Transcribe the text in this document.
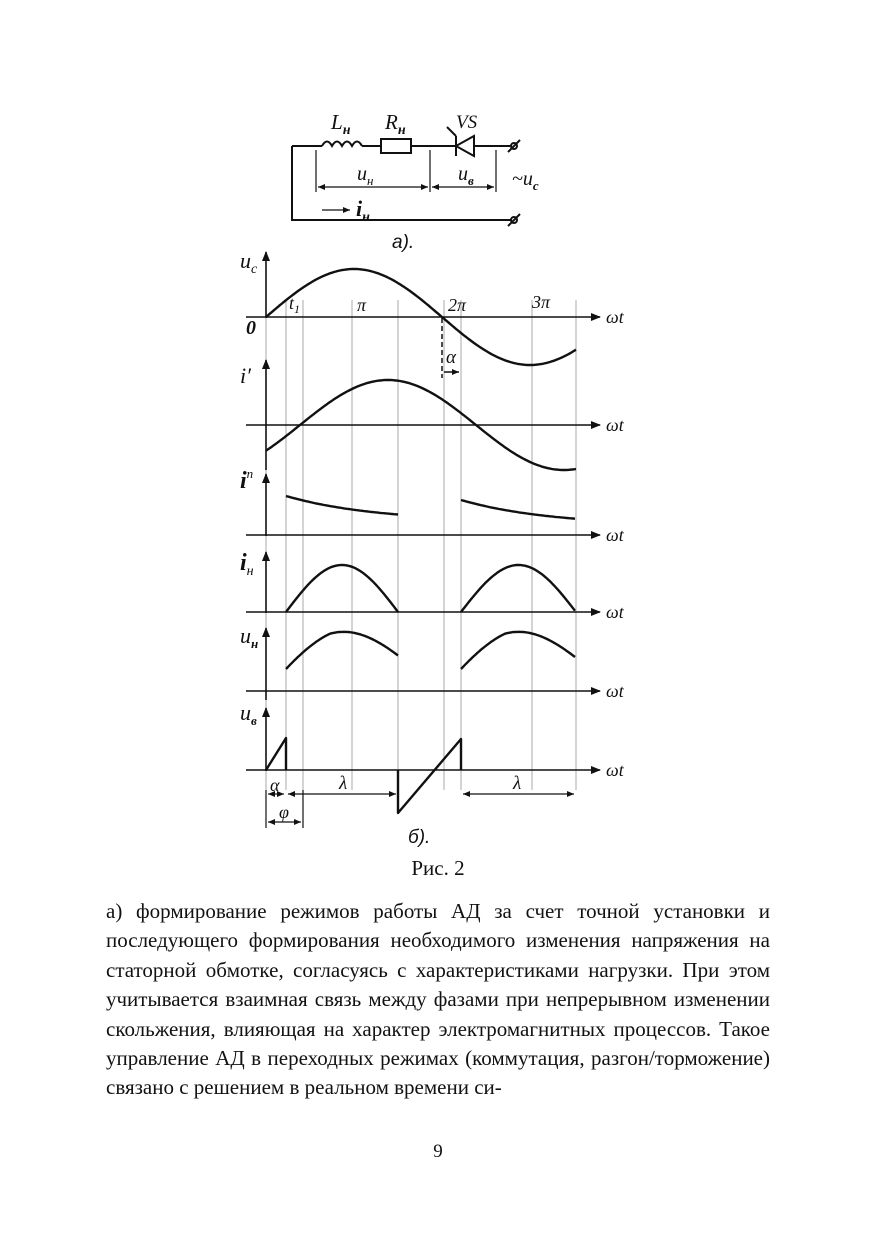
$L_н$ $R_н$	VS
$u_н$	$u_в$ $\sim u_с$
$i_н$
а).
$u_с$
i′
$i^п$
$i_н$
$u_н$
$u_в$
ωt
ωt
ωt
ωt
ωt
ωt
0
$t_1$	π	2π	3π
α
α	λ	λ
φ
б).
Рис. 2

а) формирование режимов работы АД за счет точной установки и последующего формирования необходимого изменения напряжения на статорной обмотке, согласуясь с характеристиками нагрузки. При этом учитывается взаимная связь между фазами при непрерывном изменении скольжения, влияющая на характер электромагнитных процессов. Такое управление АД в переходных режимах (коммутация, разгон/торможение) связано с решением в реальном времени си-

9
